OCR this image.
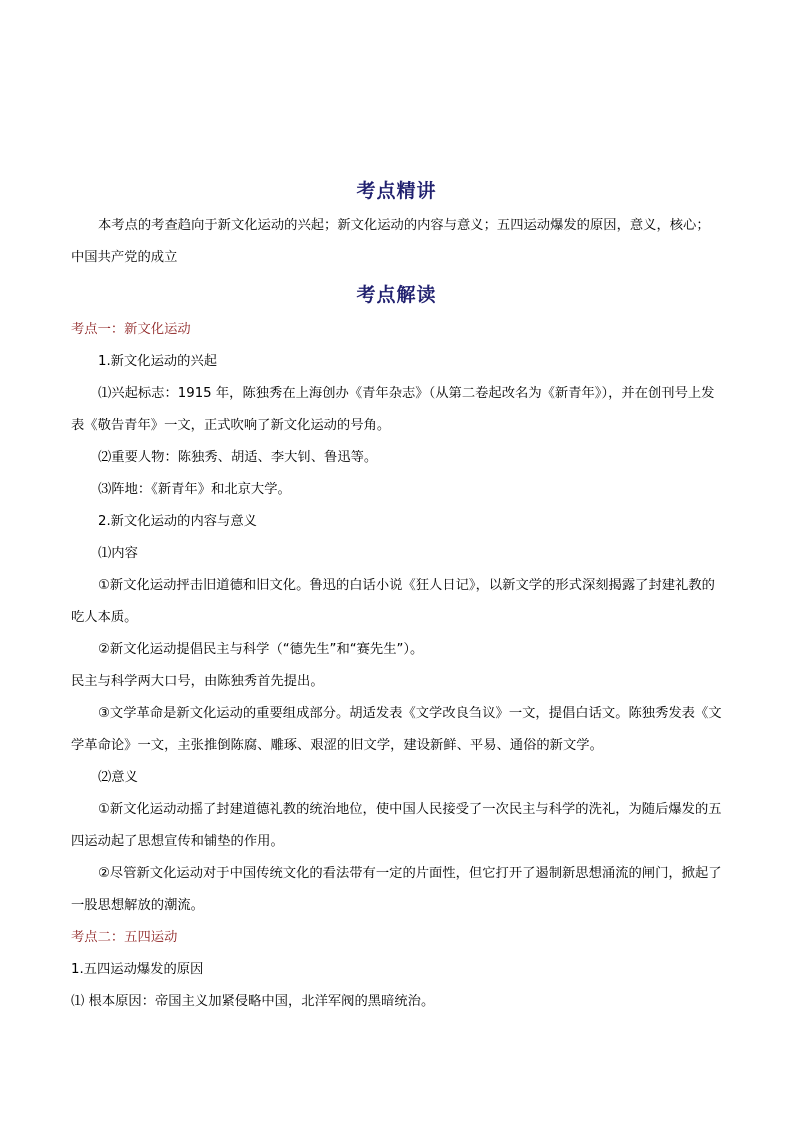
考点精讲

本考点的考查趋向于新文化运动的兴起；新文化运动的内容与意义；五四运动爆发的原因，意义，核心；中国共产党的成立

考点解读

考点一：新文化运动

1.新文化运动的兴起

⑴兴起标志：1915 年，陈独秀在上海创办《青年杂志》（从第二卷起改名为《新青年》），并在创刊号上发表《敬告青年》一文，正式吹响了新文化运动的号角。

⑵重要人物：陈独秀、胡适、李大钊、鲁迅等。

⑶阵地：《新青年》和北京大学。

2.新文化运动的内容与意义

⑴内容

①新文化运动抨击旧道德和旧文化。鲁迅的白话小说《狂人日记》，以新文学的形式深刻揭露了封建礼教的吃人本质。

②新文化运动提倡民主与科学（“德先生”和“赛先生”）。

民主与科学两大口号，由陈独秀首先提出。

③文学革命是新文化运动的重要组成部分。胡适发表《文学改良刍议》一文，提倡白话文。陈独秀发表《文学革命论》一文，主张推倒陈腐、雕琢、艰涩的旧文学，建设新鲜、平易、通俗的新文学。

⑵意义

①新文化运动动摇了封建道德礼教的统治地位，使中国人民接受了一次民主与科学的洗礼，为随后爆发的五四运动起了思想宣传和铺垫的作用。

②尽管新文化运动对于中国传统文化的看法带有一定的片面性，但它打开了遏制新思想涌流的闸门，掀起了一股思想解放的潮流。

考点二：五四运动

1.五四运动爆发的原因

⑴ 根本原因：帝国主义加紧侵略中国，北洋军阀的黑暗统治。
